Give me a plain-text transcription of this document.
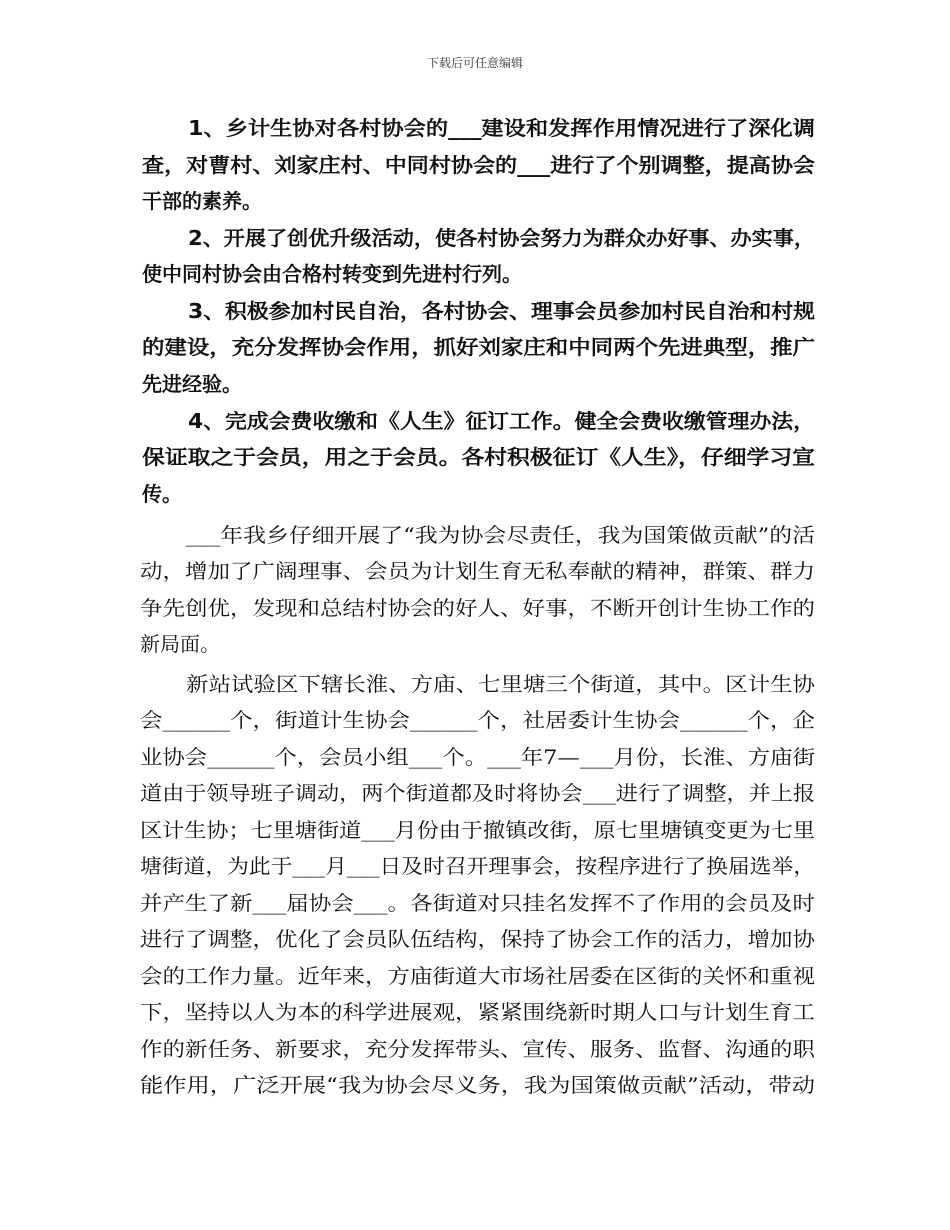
下载后可任意编辑
1、乡计生协对各村协会的___建设和发挥作用情况进行了深化调
查，对曹村、刘家庄村、中同村协会的___进行了个别调整，提高协会
干部的素养。
2、开展了创优升级活动，使各村协会努力为群众办好事、办实事，
使中同村协会由合格村转变到先进村行列。
3、积极参加村民自治，各村协会、理事会员参加村民自治和村规
的建设，充分发挥协会作用，抓好刘家庄和中同两个先进典型，推广
先进经验。
4、完成会费收缴和《人生》征订工作。健全会费收缴管理办法，
保证取之于会员，用之于会员。各村积极征订《人生》，仔细学习宣
传。
___年我乡仔细开展了“我为协会尽责任，我为国策做贡献”的活
动，增加了广阔理事、会员为计划生育无私奉献的精神，群策、群力
争先创优，发现和总结村协会的好人、好事，不断开创计生协工作的
新局面。
新站试验区下辖长淮、方庙、七里塘三个街道，其中。区计生协
会______个，街道计生协会______个，社居委计生协会______个，企
业协会______个，会员小组___个。___年7—___月份，长淮、方庙街
道由于领导班子调动，两个街道都及时将协会___进行了调整，并上报
区计生协；七里塘街道___月份由于撤镇改街，原七里塘镇变更为七里
塘街道，为此于___月___日及时召开理事会，按程序进行了换届选举，
并产生了新___届协会___。各街道对只挂名发挥不了作用的会员及时
进行了调整，优化了会员队伍结构，保持了协会工作的活力，增加协
会的工作力量。近年来，方庙街道大市场社居委在区街的关怀和重视
下，坚持以人为本的科学进展观，紧紧围绕新时期人口与计划生育工
作的新任务、新要求，充分发挥带头、宣传、服务、监督、沟通的职
能作用，广泛开展“我为协会尽义务，我为国策做贡献”活动，带动
